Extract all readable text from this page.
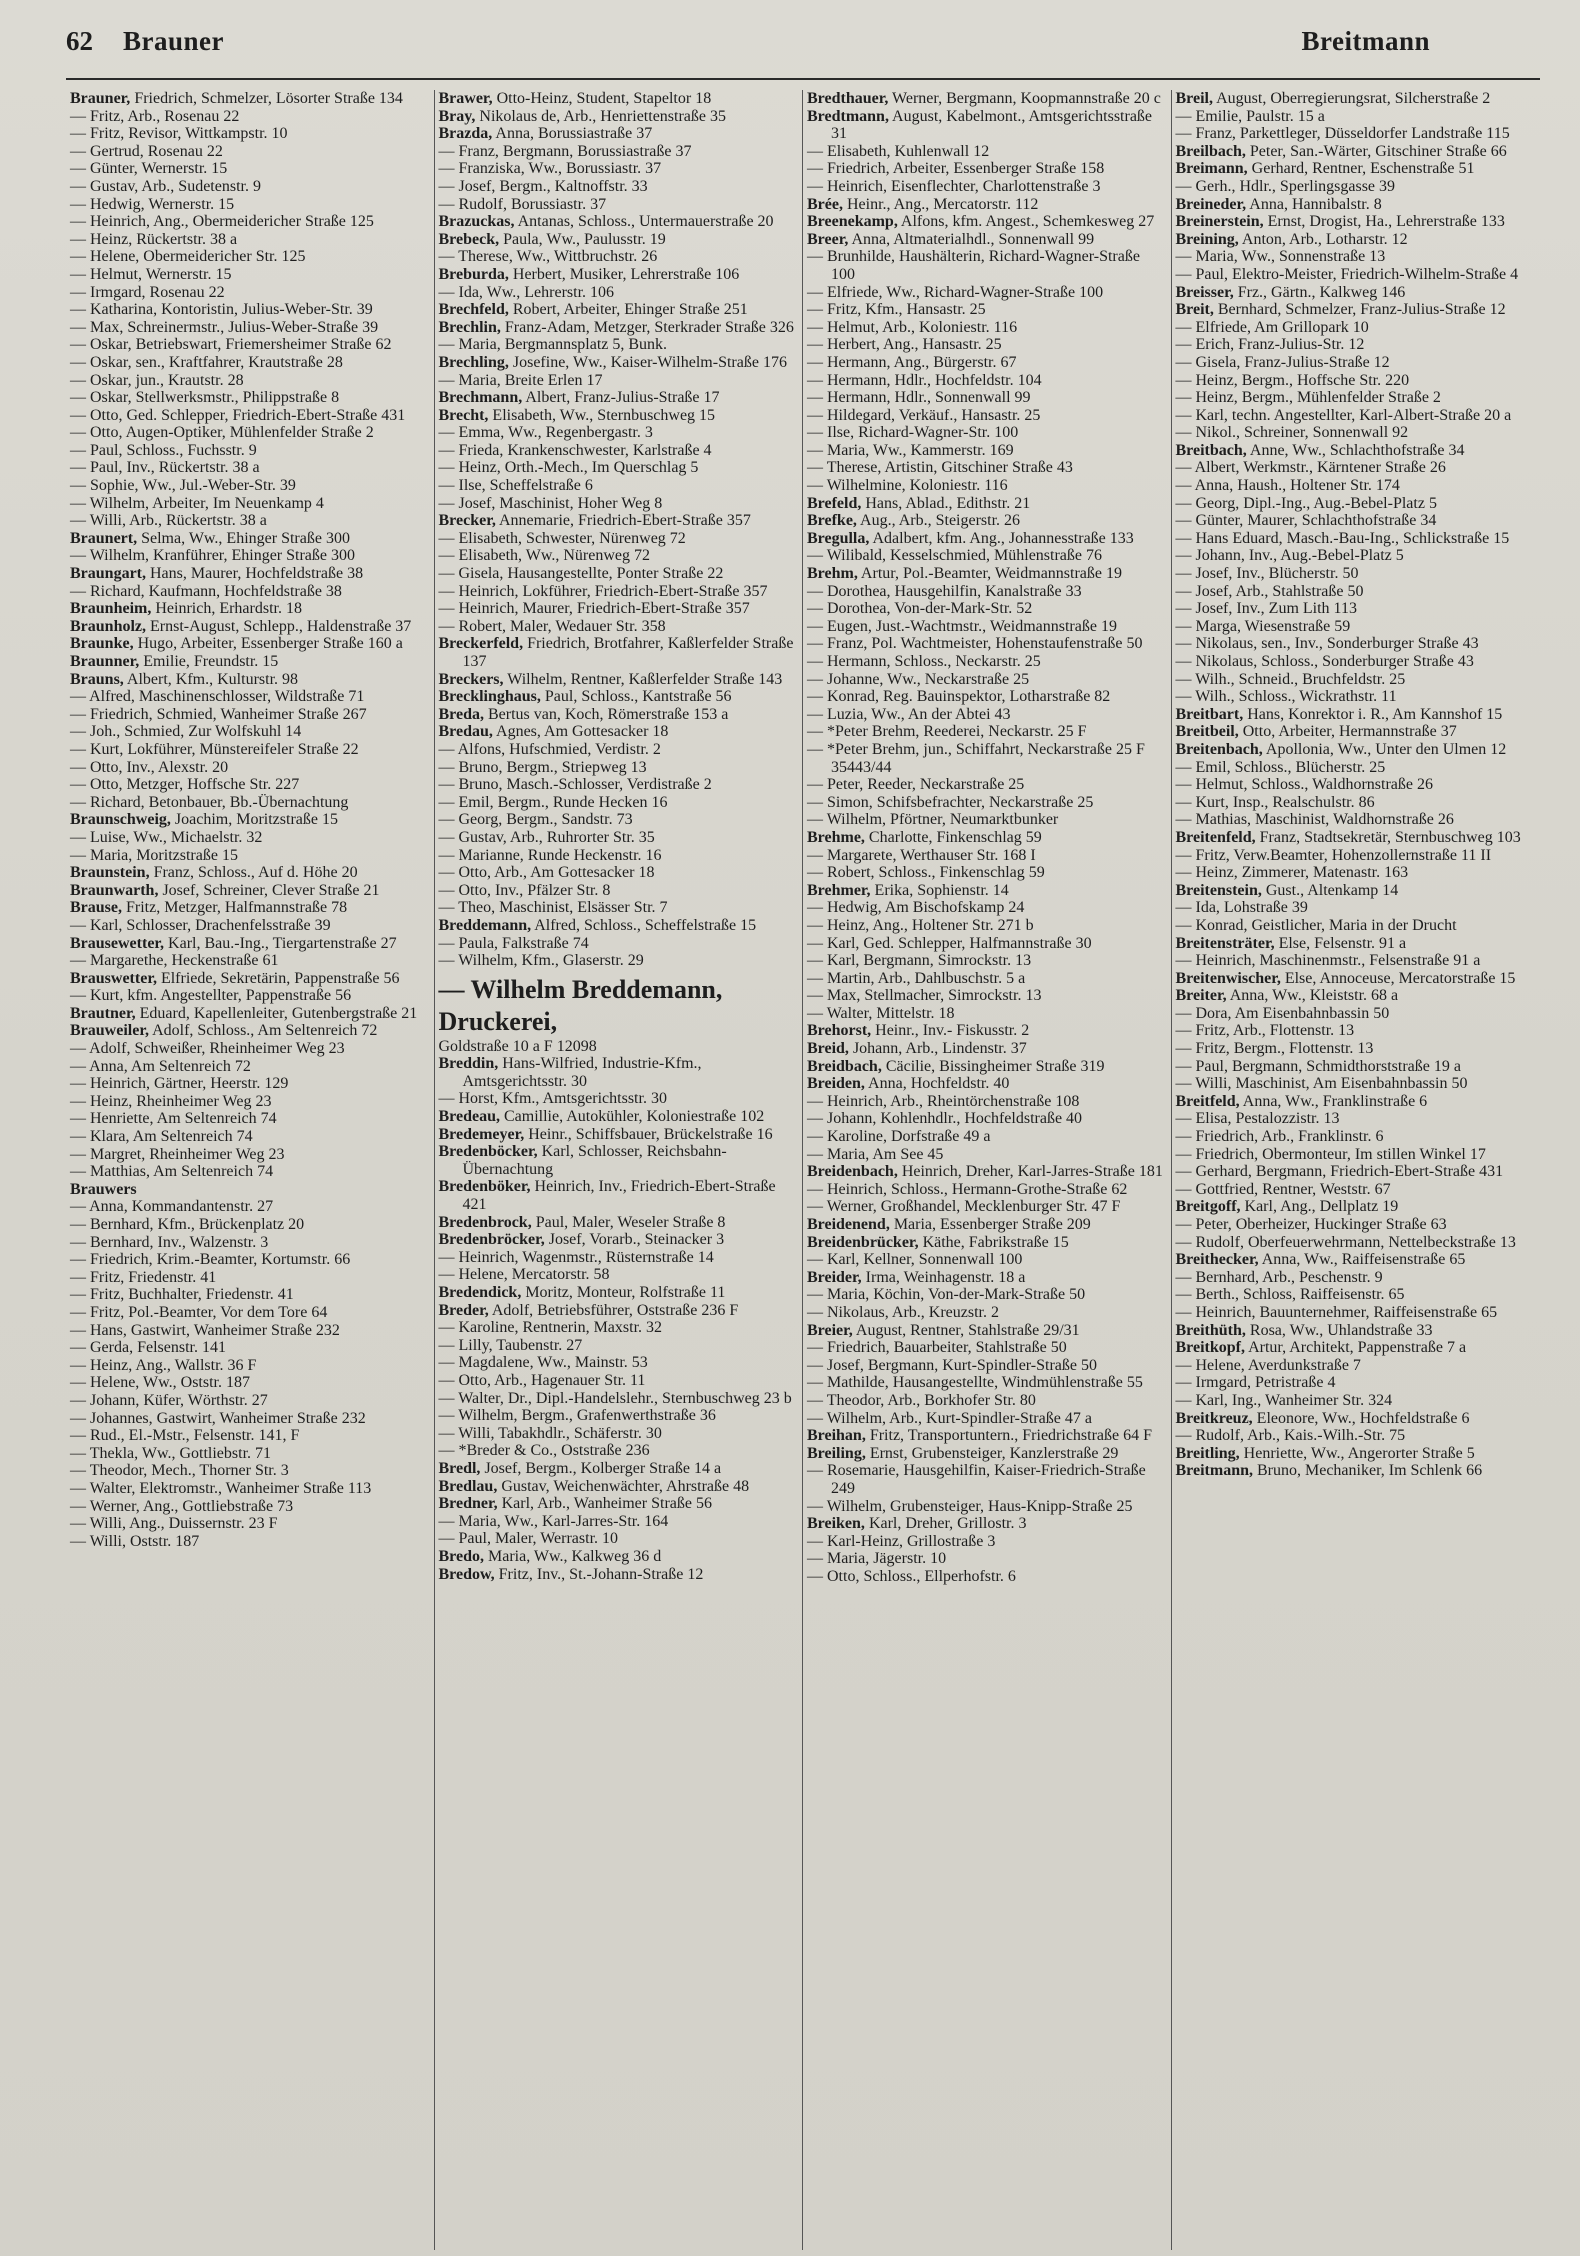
62 Brauner	Breitmann

Brauner, Friedrich, Schmelzer, Lösorter Straße 134

— Fritz, Arb., Rosenau 22

— Fritz, Revisor, Wittkampstr. 10

— Gertrud, Rosenau 22

— Günter, Wernerstr. 15

— Gustav, Arb., Sudetenstr. 9

— Hedwig, Wernerstr. 15

— Heinrich, Ang., Obermeidericher Straße 125

— Heinz, Rückertstr. 38 a

— Helene, Obermeidericher Str. 125

— Helmut, Wernerstr. 15

— Irmgard, Rosenau 22

— Katharina, Kontoristin, Julius-Weber-Str. 39

— Max, Schreinermstr., Julius-Weber-Straße 39

— Oskar, Betriebswart, Friemersheimer Straße 62

— Oskar, sen., Kraftfahrer, Krautstraße 28

— Oskar, jun., Krautstr. 28

— Oskar, Stellwerksmstr., Philippstraße 8

— Otto, Ged. Schlepper, Friedrich-Ebert-Straße 431

— Otto, Augen-Optiker, Mühlenfelder Straße 2

— Paul, Schloss., Fuchsstr. 9

— Paul, Inv., Rückertstr. 38 a

— Sophie, Ww., Jul.-Weber-Str. 39

— Wilhelm, Arbeiter, Im Neuenkamp 4

— Willi, Arb., Rückertstr. 38 a

Braunert, Selma, Ww., Ehinger Straße 300

— Wilhelm, Kranführer, Ehinger Straße 300

Braungart, Hans, Maurer, Hochfeldstraße 38

— Richard, Kaufmann, Hochfeldstraße 38

Braunheim, Heinrich, Erhardstr. 18

Braunholz, Ernst-August, Schlepp., Haldenstraße 37

Braunke, Hugo, Arbeiter, Essenberger Straße 160 a

Braunner, Emilie, Freundstr. 15

Brauns, Albert, Kfm., Kulturstr. 98

— Alfred, Maschinenschlosser, Wildstraße 71

— Friedrich, Schmied, Wanheimer Straße 267

— Joh., Schmied, Zur Wolfskuhl 14

— Kurt, Lokführer, Münstereifeler Straße 22

— Otto, Inv., Alexstr. 20

— Otto, Metzger, Hoffsche Str. 227

— Richard, Betonbauer, Bb.-Übernachtung

Braunschweig, Joachim, Moritzstraße 15

— Luise, Ww., Michaelstr. 32

— Maria, Moritzstraße 15

Braunstein, Franz, Schloss., Auf d. Höhe 20

Braunwarth, Josef, Schreiner, Clever Straße 21

Brause, Fritz, Metzger, Halfmannstraße 78

— Karl, Schlosser, Drachenfelsstraße 39

Brausewetter, Karl, Bau.-Ing., Tiergartenstraße 27

— Margarethe, Heckenstraße 61

Brauswetter, Elfriede, Sekretärin, Pappenstraße 56

— Kurt, kfm. Angestellter, Pappenstraße 56

Brautner, Eduard, Kapellenleiter, Gutenbergstraße 21

Brauweiler, Adolf, Schloss., Am Seltenreich 72

— Adolf, Schweißer, Rheinheimer Weg 23

— Anna, Am Seltenreich 72

— Heinrich, Gärtner, Heerstr. 129

— Heinz, Rheinheimer Weg 23

— Henriette, Am Seltenreich 74

— Klara, Am Seltenreich 74

— Margret, Rheinheimer Weg 23

— Matthias, Am Seltenreich 74

Brauwers

— Anna, Kommandantenstr. 27

— Bernhard, Kfm., Brückenplatz 20

— Bernhard, Inv., Walzenstr. 3

— Friedrich, Krim.-Beamter, Kortumstr. 66

— Fritz, Friedenstr. 41

— Fritz, Buchhalter, Friedenstr. 41

— Fritz, Pol.-Beamter, Vor dem Tore 64

— Hans, Gastwirt, Wanheimer Straße 232

— Gerda, Felsenstr. 141

— Heinz, Ang., Wallstr. 36 F

— Helene, Ww., Oststr. 187

— Johann, Küfer, Wörthstr. 27

— Johannes, Gastwirt, Wanheimer Straße 232

— Rud., El.-Mstr., Felsenstr. 141, F

— Thekla, Ww., Gottliebstr. 71

— Theodor, Mech., Thorner Str. 3

— Walter, Elektromstr., Wanheimer Straße 113

— Werner, Ang., Gottliebstraße 73

— Willi, Ang., Duissernstr. 23 F

— Willi, Oststr. 187

Brawer, Otto-Heinz, Student, Stapeltor 18

Bray, Nikolaus de, Arb., Henriettenstraße 35

Brazda, Anna, Borussiastraße 37

— Franz, Bergmann, Borussiastraße 37

— Franziska, Ww., Borussiastr. 37

— Josef, Bergm., Kaltnoffstr. 33

— Rudolf, Borussiastr. 37

Brazuckas, Antanas, Schloss., Untermauerstraße 20

Brebeck, Paula, Ww., Paulusstr. 19

— Therese, Ww., Wittbruchstr. 26

Breburda, Herbert, Musiker, Lehrerstraße 106

— Ida, Ww., Lehrerstr. 106

Brechfeld, Robert, Arbeiter, Ehinger Straße 251

Brechlin, Franz-Adam, Metzger, Sterkrader Straße 326

— Maria, Bergmannsplatz 5, Bunk.

Brechling, Josefine, Ww., Kaiser-Wilhelm-Straße 176

— Maria, Breite Erlen 17

Brechmann, Albert, Franz-Julius-Straße 17

Brecht, Elisabeth, Ww., Sternbuschweg 15

— Emma, Ww., Regenbergastr. 3

— Frieda, Krankenschwester, Karlstraße 4

— Heinz, Orth.-Mech., Im Querschlag 5

— Ilse, Scheffelstraße 6

— Josef, Maschinist, Hoher Weg 8

Brecker, Annemarie, Friedrich-Ebert-Straße 357

— Elisabeth, Schwester, Nürenweg 72

— Elisabeth, Ww., Nürenweg 72

— Gisela, Hausangestellte, Ponter Straße 22

— Heinrich, Lokführer, Friedrich-Ebert-Straße 357

— Heinrich, Maurer, Friedrich-Ebert-Straße 357

— Robert, Maler, Wedauer Str. 358

Breckerfeld, Friedrich, Brotfahrer, Kaßlerfelder Straße 137

Breckers, Wilhelm, Rentner, Kaßlerfelder Straße 143

Brecklinghaus, Paul, Schloss., Kantstraße 56

Breda, Bertus van, Koch, Römerstraße 153 a

Bredau, Agnes, Am Gottesacker 18

— Alfons, Hufschmied, Verdistr. 2

— Bruno, Bergm., Striepweg 13

— Bruno, Masch.-Schlosser, Verdistraße 2

— Emil, Bergm., Runde Hecken 16

— Georg, Bergm., Sandstr. 73

— Gustav, Arb., Ruhrorter Str. 35

— Marianne, Runde Heckenstr. 16

— Otto, Arb., Am Gottesacker 18

— Otto, Inv., Pfälzer Str. 8

— Theo, Maschinist, Elsässer Str. 7

Breddemann, Alfred, Schloss., Scheffelstraße 15

— Paula, Falkstraße 74

— Wilhelm, Kfm., Glaserstr. 29

— Wilhelm Breddemann, Druckerei,

Goldstraße 10 a F 12098

Breddin, Hans-Wilfried, Industrie-Kfm., Amtsgerichtsstr. 30

— Horst, Kfm., Amtsgerichtsstr. 30

Bredeau, Camillie, Autokühler, Koloniestraße 102

Bredemeyer, Heinr., Schiffsbauer, Brückelstraße 16

Bredenböcker, Karl, Schlosser, Reichsbahn-Übernachtung

Bredenböker, Heinrich, Inv., Friedrich-Ebert-Straße 421

Bredenbrock, Paul, Maler, Weseler Straße 8

Bredenbröcker, Josef, Vorarb., Steinacker 3

— Heinrich, Wagenmstr., Rüsternstraße 14

— Helene, Mercatorstr. 58

Bredendick, Moritz, Monteur, Rolfstraße 11

Breder, Adolf, Betriebsführer, Oststraße 236 F

— Karoline, Rentnerin, Maxstr. 32

— Lilly, Taubenstr. 27

— Magdalene, Ww., Mainstr. 53

— Otto, Arb., Hagenauer Str. 11

— Walter, Dr., Dipl.-Handelslehr., Sternbuschweg 23 b

— Wilhelm, Bergm., Grafenwerthstraße 36

— Willi, Tabakhdlr., Schäferstr. 30

— *Breder & Co., Oststraße 236

Bredl, Josef, Bergm., Kolberger Straße 14 a

Bredlau, Gustav, Weichenwächter, Ahrstraße 48

Bredner, Karl, Arb., Wanheimer Straße 56

— Maria, Ww., Karl-Jarres-Str. 164

— Paul, Maler, Werrastr. 10

Bredo, Maria, Ww., Kalkweg 36 d

Bredow, Fritz, Inv., St.-Johann-Straße 12

Bredthauer, Werner, Bergmann, Koopmannstraße 20 c

Bredtmann, August, Kabelmont., Amtsgerichtsstraße 31

— Elisabeth, Kuhlenwall 12

— Friedrich, Arbeiter, Essenberger Straße 158

— Heinrich, Eisenflechter, Charlottenstraße 3

Brée, Heinr., Ang., Mercatorstr. 112

Breenekamp, Alfons, kfm. Angest., Schemkesweg 27

Breer, Anna, Altmaterialhdl., Sonnenwall 99

— Brunhilde, Haushälterin, Richard-Wagner-Straße 100

— Elfriede, Ww., Richard-Wagner-Straße 100

— Fritz, Kfm., Hansastr. 25

— Helmut, Arb., Koloniestr. 116

— Herbert, Ang., Hansastr. 25

— Hermann, Ang., Bürgerstr. 67

— Hermann, Hdlr., Hochfeldstr. 104

— Hermann, Hdlr., Sonnenwall 99

— Hildegard, Verkäuf., Hansastr. 25

— Ilse, Richard-Wagner-Str. 100

— Maria, Ww., Kammerstr. 169

— Therese, Artistin, Gitschiner Straße 43

— Wilhelmine, Koloniestr. 116

Brefeld, Hans, Ablad., Edithstr. 21

Brefke, Aug., Arb., Steigerstr. 26

Bregulla, Adalbert, kfm. Ang., Johannesstraße 133

— Wilibald, Kesselschmied, Mühlenstraße 76

Brehm, Artur, Pol.-Beamter, Weidmannstraße 19

— Dorothea, Hausgehilfin, Kanalstraße 33

— Dorothea, Von-der-Mark-Str. 52

— Eugen, Just.-Wachtmstr., Weidmannstraße 19

— Franz, Pol. Wachtmeister, Hohenstaufenstraße 50

— Hermann, Schloss., Neckarstr. 25

— Johanne, Ww., Neckarstraße 25

— Konrad, Reg. Bauinspektor, Lotharstraße 82

— Luzia, Ww., An der Abtei 43

— *Peter Brehm, Reederei, Neckarstr. 25 F

— *Peter Brehm, jun., Schiffahrt, Neckarstraße 25 F 35443/44

— Peter, Reeder, Neckarstraße 25

— Simon, Schifsbefrachter, Neckarstraße 25

— Wilhelm, Pförtner, Neumarktbunker

Brehme, Charlotte, Finkenschlag 59

— Margarete, Werthauser Str. 168 I

— Robert, Schloss., Finkenschlag 59

Brehmer, Erika, Sophienstr. 14

— Hedwig, Am Bischofskamp 24

— Heinz, Ang., Holtener Str. 271 b

— Karl, Ged. Schlepper, Halfmannstraße 30

— Karl, Bergmann, Simrockstr. 13

— Martin, Arb., Dahlbuschstr. 5 a

— Max, Stellmacher, Simrockstr. 13

— Walter, Mittelstr. 18

Brehorst, Heinr., Inv.- Fiskusstr. 2

Breid, Johann, Arb., Lindenstr. 37

Breidbach, Cäcilie, Bissingheimer Straße 319

Breiden, Anna, Hochfeldstr. 40

— Heinrich, Arb., Rheintörchenstraße 108

— Johann, Kohlenhdlr., Hochfeldstraße 40

— Karoline, Dorfstraße 49 a

— Maria, Am See 45

Breidenbach, Heinrich, Dreher, Karl-Jarres-Straße 181

— Heinrich, Schloss., Hermann-Grothe-Straße 62

— Werner, Großhandel, Mecklenburger Str. 47 F

Breidenend, Maria, Essenberger Straße 209

Breidenbrücker, Käthe, Fabrikstraße 15

— Karl, Kellner, Sonnenwall 100

Breider, Irma, Weinhagenstr. 18 a

— Maria, Köchin, Von-der-Mark-Straße 50

— Nikolaus, Arb., Kreuzstr. 2

Breier, August, Rentner, Stahlstraße 29/31

— Friedrich, Bauarbeiter, Stahlstraße 50

— Josef, Bergmann, Kurt-Spindler-Straße 50

— Mathilde, Hausangestellte, Windmühlenstraße 55

— Theodor, Arb., Borkhofer Str. 80

— Wilhelm, Arb., Kurt-Spindler-Straße 47 a

Breihan, Fritz, Transportuntern., Friedrichstraße 64 F

Breiling, Ernst, Grubensteiger, Kanzlerstraße 29

— Rosemarie, Hausgehilfin, Kaiser-Friedrich-Straße 249

— Wilhelm, Grubensteiger, Haus-Knipp-Straße 25

Breiken, Karl, Dreher, Grillostr. 3

— Karl-Heinz, Grillostraße 3

— Maria, Jägerstr. 10

— Otto, Schloss., Ellperhofstr. 6

Breil, August, Oberregierungsrat, Silcherstraße 2

— Emilie, Paulstr. 15 a

— Franz, Parkettleger, Düsseldorfer Landstraße 115

Breilbach, Peter, San.-Wärter, Gitschiner Straße 66

Breimann, Gerhard, Rentner, Eschenstraße 51

— Gerh., Hdlr., Sperlingsgasse 39

Breineder, Anna, Hannibalstr. 8

Breinerstein, Ernst, Drogist, Ha., Lehrerstraße 133

Breining, Anton, Arb., Lotharstr. 12

— Maria, Ww., Sonnenstraße 13

— Paul, Elektro-Meister, Friedrich-Wilhelm-Straße 4

Breisser, Frz., Gärtn., Kalkweg 146

Breit, Bernhard, Schmelzer, Franz-Julius-Straße 12

— Elfriede, Am Grillopark 10

— Erich, Franz-Julius-Str. 12

— Gisela, Franz-Julius-Straße 12

— Heinz, Bergm., Hoffsche Str. 220

— Heinz, Bergm., Mühlenfelder Straße 2

— Karl, techn. Angestellter, Karl-Albert-Straße 20 a

— Nikol., Schreiner, Sonnenwall 92

Breitbach, Anne, Ww., Schlachthofstraße 34

— Albert, Werkmstr., Kärntener Straße 26

— Anna, Haush., Holtener Str. 174

— Georg, Dipl.-Ing., Aug.-Bebel-Platz 5

— Günter, Maurer, Schlachthofstraße 34

— Hans Eduard, Masch.-Bau-Ing., Schlickstraße 15

— Johann, Inv., Aug.-Bebel-Platz 5

— Josef, Inv., Blücherstr. 50

— Josef, Arb., Stahlstraße 50

— Josef, Inv., Zum Lith 113

— Marga, Wiesenstraße 59

— Nikolaus, sen., Inv., Sonderburger Straße 43

— Nikolaus, Schloss., Sonderburger Straße 43

— Wilh., Schneid., Bruchfeldstr. 25

— Wilh., Schloss., Wickrathstr. 11

Breitbart, Hans, Konrektor i. R., Am Kannshof 15

Breitbeil, Otto, Arbeiter, Hermannstraße 37

Breitenbach, Apollonia, Ww., Unter den Ulmen 12

— Emil, Schloss., Blücherstr. 25

— Helmut, Schloss., Waldhornstraße 26

— Kurt, Insp., Realschulstr. 86

— Mathias, Maschinist, Waldhornstraße 26

Breitenfeld, Franz, Stadtsekretär, Sternbuschweg 103

— Fritz, Verw.Beamter, Hohenzollernstraße 11 II

— Heinz, Zimmerer, Matenastr. 163

Breitenstein, Gust., Altenkamp 14

— Ida, Lohstraße 39

— Konrad, Geistlicher, Maria in der Drucht

Breitensträter, Else, Felsenstr. 91 a

— Heinrich, Maschinenmstr., Felsenstraße 91 a

Breitenwischer, Else, Annoceuse, Mercatorstraße 15

Breiter, Anna, Ww., Kleiststr. 68 a

— Dora, Am Eisenbahnbassin 50

— Fritz, Arb., Flottenstr. 13

— Fritz, Bergm., Flottenstr. 13

— Paul, Bergmann, Schmidthorststraße 19 a

— Willi, Maschinist, Am Eisenbahnbassin 50

Breitfeld, Anna, Ww., Franklinstraße 6

— Elisa, Pestalozzistr. 13

— Friedrich, Arb., Franklinstr. 6

— Friedrich, Obermonteur, Im stillen Winkel 17

— Gerhard, Bergmann, Friedrich-Ebert-Straße 431

— Gottfried, Rentner, Weststr. 67

Breitgoff, Karl, Ang., Dellplatz 19

— Peter, Oberheizer, Huckinger Straße 63

— Rudolf, Oberfeuerwehrmann, Nettelbeckstraße 13

Breithecker, Anna, Ww., Raiffeisenstraße 65

— Bernhard, Arb., Peschenstr. 9

— Berth., Schloss, Raiffeisenstr. 65

— Heinrich, Bauunternehmer, Raiffeisenstraße 65

Breithüth, Rosa, Ww., Uhlandstraße 33

Breitkopf, Artur, Architekt, Pappenstraße 7 a

— Helene, Averdunkstraße 7

— Irmgard, Petristraße 4

— Karl, Ing., Wanheimer Str. 324

Breitkreuz, Eleonore, Ww., Hochfeldstraße 6

— Rudolf, Arb., Kais.-Wilh.-Str. 75

Breitling, Henriette, Ww., Angerorter Straße 5

Breitmann, Bruno, Mechaniker, Im Schlenk 66
